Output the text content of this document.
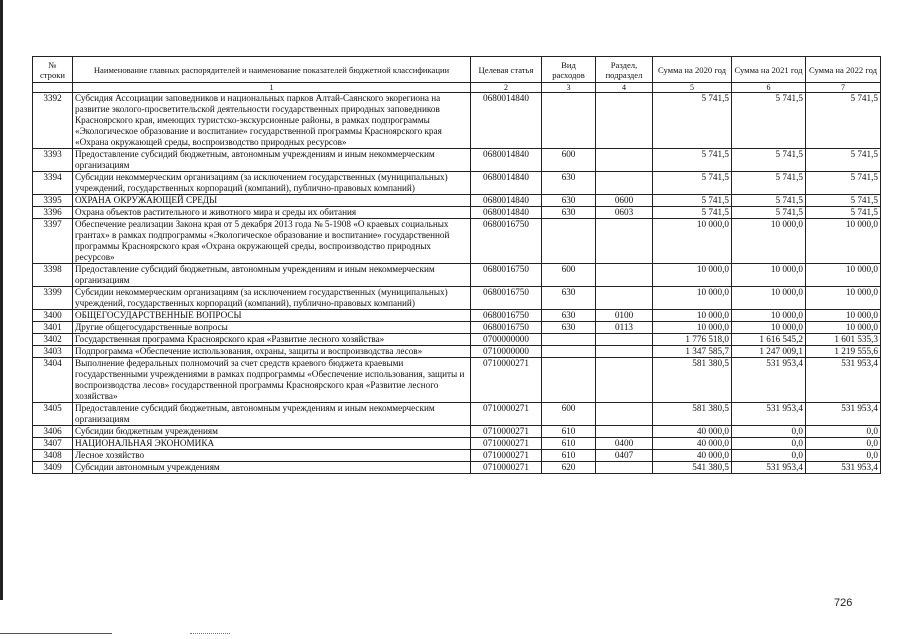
№ строки	Наименование главных распорядителей и наименование показателей бюджетной классификации	Целевая статья	Вид расходов	Раздел, подраздел	Сумма на 2020 год	Сумма на 2021 год	Сумма на 2022 год
	1	2	3	4	5	6	7
3392	Субсидия Ассоциации заповедников и национальных парков Алтай-Саянского экорегиона на развитие эколого-просветительской деятельности государственных природных заповедников Красноярского края, имеющих туристско-экскурсионные районы, в рамках подпрограммы «Экологическое образование и воспитание» государственной программы Красноярского края «Охрана окружающей среды, воспроизводство природных ресурсов»	0680014840			5 741,5	5 741,5	5 741,5
3393	Предоставление субсидий бюджетным, автономным учреждениям и иным некоммерческим организациям	0680014840	600		5 741,5	5 741,5	5 741,5
3394	Субсидии некоммерческим организациям (за исключением государственных (муниципальных) учреждений, государственных корпораций (компаний), публично-правовых компаний)	0680014840	630		5 741,5	5 741,5	5 741,5
3395	ОХРАНА ОКРУЖАЮЩЕЙ СРЕДЫ	0680014840	630	0600	5 741,5	5 741,5	5 741,5
3396	Охрана объектов растительного и животного мира и среды их обитания	0680014840	630	0603	5 741,5	5 741,5	5 741,5
3397	Обеспечение реализации Закона края от 5 декабря 2013 года № 5-1908 «О краевых социальных грантах» в рамках подпрограммы «Экологическое образование и воспитание» государственной программы Красноярского края «Охрана окружающей среды, воспроизводство природных ресурсов»	0680016750			10 000,0	10 000,0	10 000,0
3398	Предоставление субсидий бюджетным, автономным учреждениям и иным некоммерческим организациям	0680016750	600		10 000,0	10 000,0	10 000,0
3399	Субсидии некоммерческим организациям (за исключением государственных (муниципальных) учреждений, государственных корпораций (компаний), публично-правовых компаний)	0680016750	630		10 000,0	10 000,0	10 000,0
3400	ОБЩЕГОСУДАРСТВЕННЫЕ ВОПРОСЫ	0680016750	630	0100	10 000,0	10 000,0	10 000,0
3401	Другие общегосударственные вопросы	0680016750	630	0113	10 000,0	10 000,0	10 000,0
3402	Государственная программа Красноярского края «Развитие лесного хозяйства»	0700000000			1 776 518,0	1 616 545,2	1 601 535,3
3403	Подпрограмма «Обеспечение использования, охраны, защиты и воспроизводства лесов»	0710000000			1 347 585,7	1 247 009,1	1 219 555,6
3404	Выполнение федеральных полномочий за счет средств краевого бюджета краевыми государственными учреждениями в рамках подпрограммы «Обеспечение использования, защиты и воспроизводства лесов» государственной программы Красноярского края «Развитие лесного хозяйства»	0710000271			581 380,5	531 953,4	531 953,4
3405	Предоставление субсидий бюджетным, автономным учреждениям и иным некоммерческим организациям	0710000271	600		581 380,5	531 953,4	531 953,4
3406	Субсидии бюджетным учреждениям	0710000271	610		40 000,0	0,0	0,0
3407	НАЦИОНАЛЬНАЯ ЭКОНОМИКА	0710000271	610	0400	40 000,0	0,0	0,0
3408	Лесное хозяйство	0710000271	610	0407	40 000,0	0,0	0,0
3409	Субсидии автономным учреждениям	0710000271	620		541 380,5	531 953,4	531 953,4
726
